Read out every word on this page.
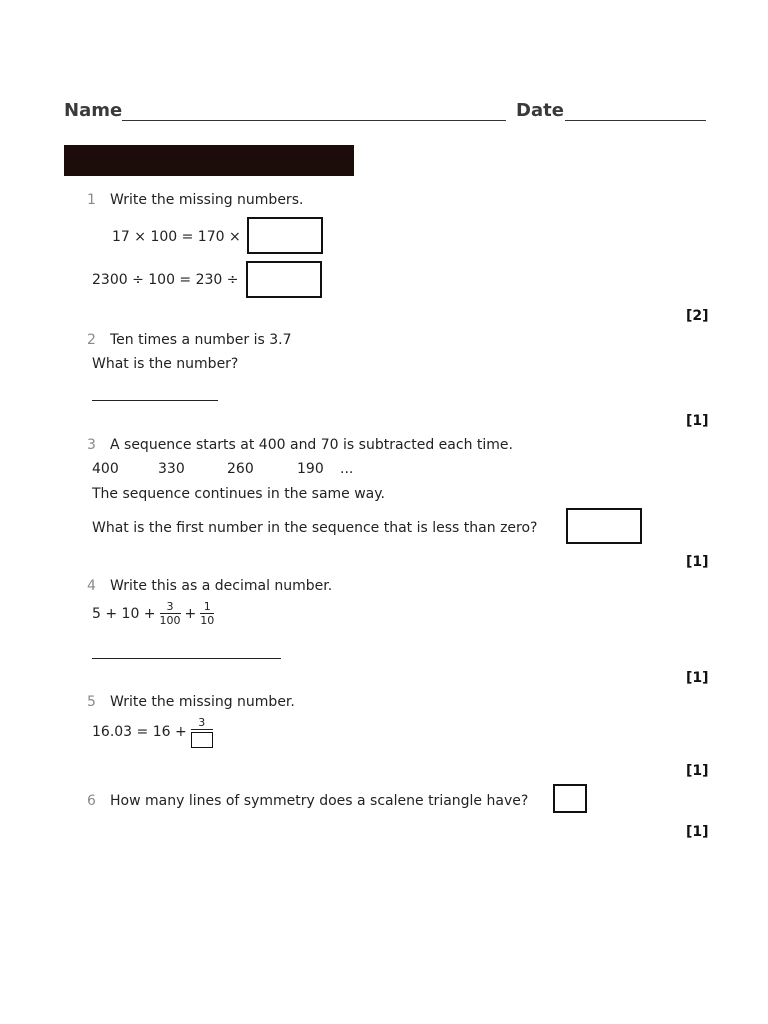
Name	Date
1 Write the missing numbers.
17 × 100 = 170 ×
2300 ÷ 100 = 230 ÷
[2]
2 Ten times a number is 3.7
What is the number?
[1]
3 A sequence starts at 400 and 70 is subtracted each time.
400	330	260	190 ...
The sequence continues in the same way.
What is the first number in the sequence that is less than zero?
[1]
4 Write this as a decimal number.
$5 + 10 + \frac{3}{100} + \frac{1}{10}$
[1]
5 Write the missing number.
16.03 = 16 +
3
[1]
6 How many lines of symmetry does a scalene triangle have?
[1]
